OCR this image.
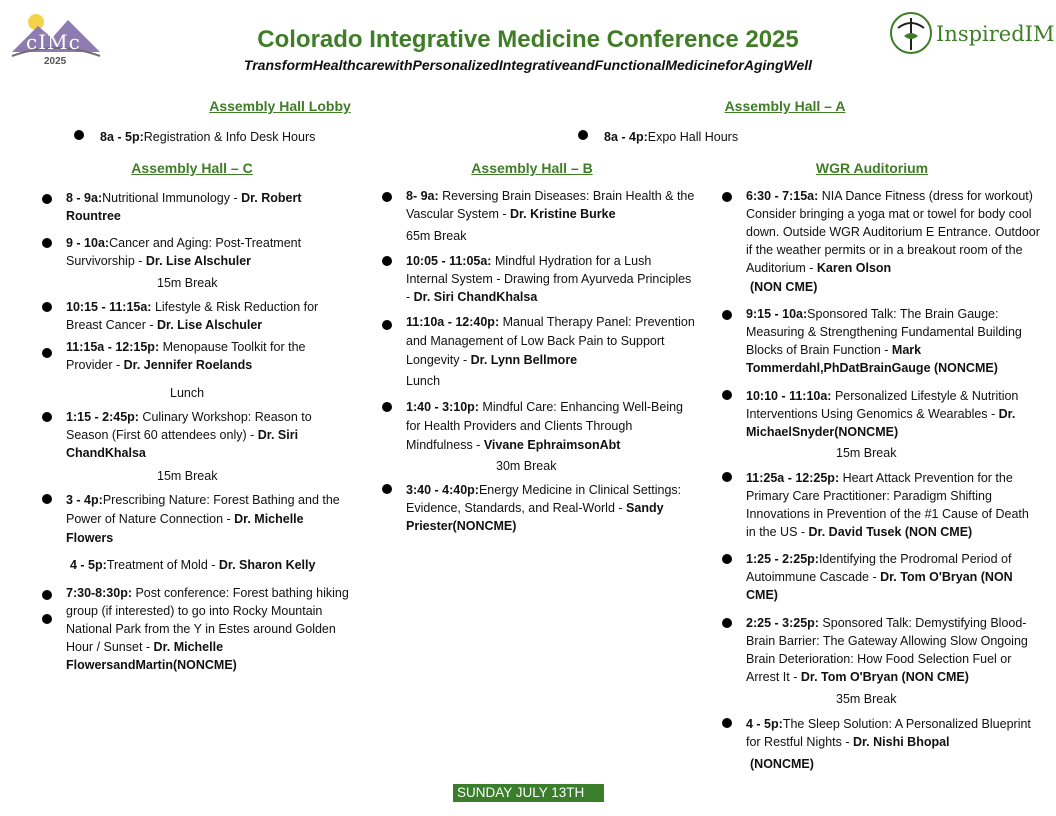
cIMc
2025
InspiredIM
Colorado Integrative Medicine Conference 2025
TransformHealthcarewithPersonalizedIntegrativeandFunctionalMedicineforAgingWell
Assembly Hall Lobby
8a - 5p:Registration & Info Desk Hours
Assembly Hall – A
8a - 4p:Expo Hall Hours
Assembly Hall – C	Assembly Hall – B	WGR Auditorium
8 - 9a:Nutritional Immunology - Dr. Robert Rountree
9 - 10a:Cancer and Aging: Post-Treatment Survivorship - Dr. Lise Alschuler
15m Break
10:15 - 11:15a: Lifestyle & Risk Reduction for Breast Cancer - Dr. Lise Alschuler
11:15a - 12:15p: Menopause Toolkit for the Provider - Dr. Jennifer Roelands
Lunch
1:15 - 2:45p: Culinary Workshop: Reason to Season (First 60 attendees only) - Dr. Siri ChandKhalsa
15m Break
3 - 4p:Prescribing Nature: Forest Bathing and the Power of Nature Connection - Dr. Michelle Flowers
4 - 5p:Treatment of Mold - Dr. Sharon Kelly
7:30-8:30p: Post conference: Forest bathing hiking group (if interested) to go into Rocky Mountain National Park from the Y in Estes around Golden Hour / Sunset - Dr. Michelle FlowersandMartin(NONCME)
8- 9a: Reversing Brain Diseases: Brain Health & the Vascular System - Dr. Kristine Burke
65m Break
10:05 - 11:05a: Mindful Hydration for a Lush Internal System - Drawing from Ayurveda Principles - Dr. Siri ChandKhalsa
11:10a - 12:40p: Manual Therapy Panel: Prevention and Management of Low Back Pain to Support Longevity - Dr. Lynn Bellmore
Lunch
1:40 - 3:10p: Mindful Care: Enhancing Well-Being for Health Providers and Clients Through Mindfulness - Vivane EphraimsonAbt
30m Break
3:40 - 4:40p:Energy Medicine in Clinical Settings: Evidence, Standards, and Real-World - Sandy Priester(NONCME)
6:30 - 7:15a: NIA Dance Fitness (dress for workout) Consider bringing a yoga mat or towel for body cool down. Outside WGR Auditorium E Entrance. Outdoor if the weather permits or in a breakout room of the Auditorium - Karen Olson
(NON CME)
9:15 - 10a:Sponsored Talk: The Brain Gauge: Measuring & Strengthening Fundamental Building Blocks of Brain Function - Mark Tommerdahl,PhDatBrainGauge (NONCME)
10:10 - 11:10a: Personalized Lifestyle & Nutrition Interventions Using Genomics & Wearables - Dr. MichaelSnyder(NONCME)
15m Break
11:25a - 12:25p: Heart Attack Prevention for the Primary Care Practitioner: Paradigm Shifting Innovations in Prevention of the #1 Cause of Death in the US - Dr. David Tusek (NON CME)
1:25 - 2:25p:Identifying the Prodromal Period of Autoimmune Cascade - Dr. Tom O'Bryan (NON CME)
2:25 - 3:25p: Sponsored Talk: Demystifying Blood-Brain Barrier: The Gateway Allowing Slow Ongoing Brain Deterioration: How Food Selection Fuel or Arrest It - Dr. Tom O'Bryan (NON CME)
35m Break
4 - 5p:The Sleep Solution: A Personalized Blueprint for Restful Nights - Dr. Nishi Bhopal
(NONCME)
SUNDAY JULY 13TH
